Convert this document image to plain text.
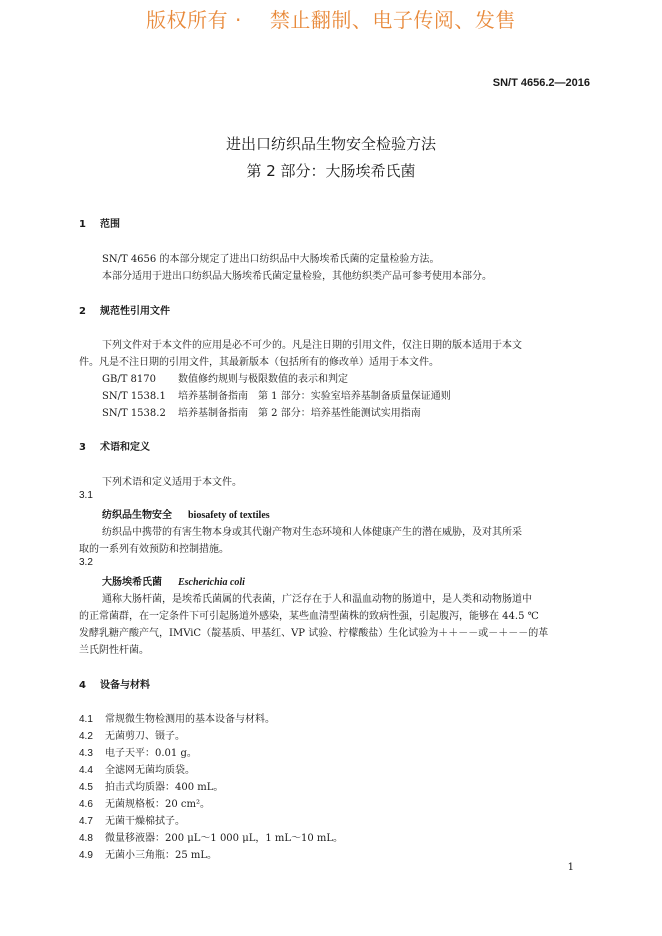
版权所有 · 禁止翻制、电子传阅、发售
SN/T 4656.2—2016
进出口纺织品生物安全检验方法
第 2 部分：大肠埃希氏菌
1 范围
SN/T 4656 的本部分规定了进出口纺织品中大肠埃希氏菌的定量检验方法。
本部分适用于进出口纺织品大肠埃希氏菌定量检验，其他纺织类产品可参考使用本部分。
2 规范性引用文件
下列文件对于本文件的应用是必不可少的。凡是注日期的引用文件，仅注日期的版本适用于本文
件。凡是不注日期的引用文件，其最新版本（包括所有的修改单）适用于本文件。
GB/T 8170 数值修约规则与极限数值的表示和判定
SN/T 1538.1 培养基制备指南　第 1 部分：实验室培养基制备质量保证通则
SN/T 1538.2 培养基制备指南　第 2 部分：培养基性能测试实用指南
3 术语和定义
下列术语和定义适用于本文件。
3.1
纺织品生物安全 biosafety of textiles
纺织品中携带的有害生物本身或其代谢产物对生态环境和人体健康产生的潜在威胁，及对其所采
取的一系列有效预防和控制措施。
3.2
大肠埃希氏菌 Escherichia coli
通称大肠杆菌，是埃希氏菌属的代表菌，广泛存在于人和温血动物的肠道中，是人类和动物肠道中
的正常菌群，在一定条件下可引起肠道外感染，某些血清型菌株的致病性强，引起腹泻，能够在 44.5 ℃
发酵乳糖产酸产气，IMViC（靛基质、甲基红、VP 试验、柠檬酸盐）生化试验为＋＋－－或－＋－－的革
兰氏阴性杆菌。
4 设备与材料
4.1 常规微生物检测用的基本设备与材料。
4.2 无菌剪刀、镊子。
4.3 电子天平：0.01 g。
4.4 全滤网无菌均质袋。
4.5 拍击式均质器：400 mL。
4.6 无菌规格板：20 cm²。
4.7 无菌干燥棉拭子。
4.8 微量移液器：200 μL～1 000 μL，1 mL～10 mL。
4.9 无菌小三角瓶：25 mL。
1
